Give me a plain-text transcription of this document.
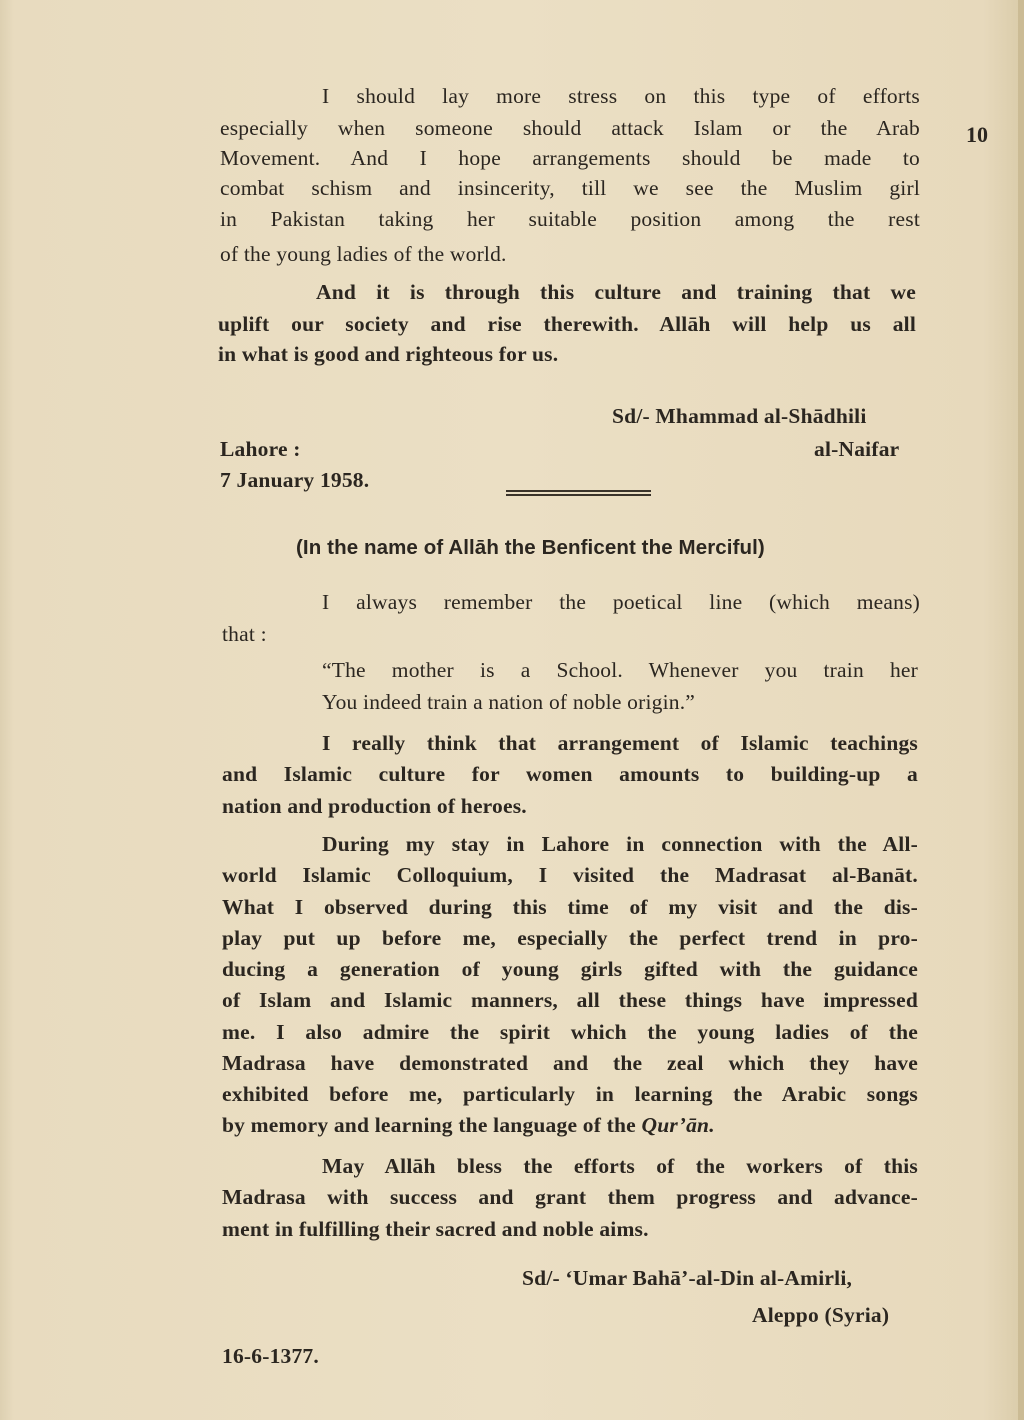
10
I should lay more stress on this type of efforts
especially when someone should attack Islam or the Arab
Movement. And I hope arrangements should be made to
combat schism and insincerity, till we see the Muslim girl
in Pakistan taking her suitable position among the rest
of the young ladies of the world.
And it is through this culture and training that we
uplift our society and rise therewith. Allāh will help us all
in what is good and righteous for us.
Sd/- Mhammad al-Shādhili
Lahore :	al-Naifar
7 January 1958.
(In the name of Allāh the Benficent the Merciful)
I always remember the poetical line (which means)
that :
“The mother is a School. Whenever you train her
You indeed train a nation of noble origin.”
I really think that arrangement of Islamic teachings
and Islamic culture for women amounts to building-up a
nation and production of heroes.
During my stay in Lahore in connection with the All-
world Islamic Colloquium, I visited the Madrasat al-Banāt.
What I observed during this time of my visit and the dis-
play put up before me, especially the perfect trend in pro-
ducing a generation of young girls gifted with the guidance
of Islam and Islamic manners, all these things have impressed
me. I also admire the spirit which the young ladies of the
Madrasa have demonstrated and the zeal which they have
exhibited before me, particularly in learning the Arabic songs
by memory and learning the language of the Qur’ān.
May Allāh bless the efforts of the workers of this
Madrasa with success and grant them progress and advance-
ment in fulfilling their sacred and noble aims.
Sd/- ‘Umar Bahā’-al-Din al-Amirli,
Aleppo (Syria)
16-6-1377.
